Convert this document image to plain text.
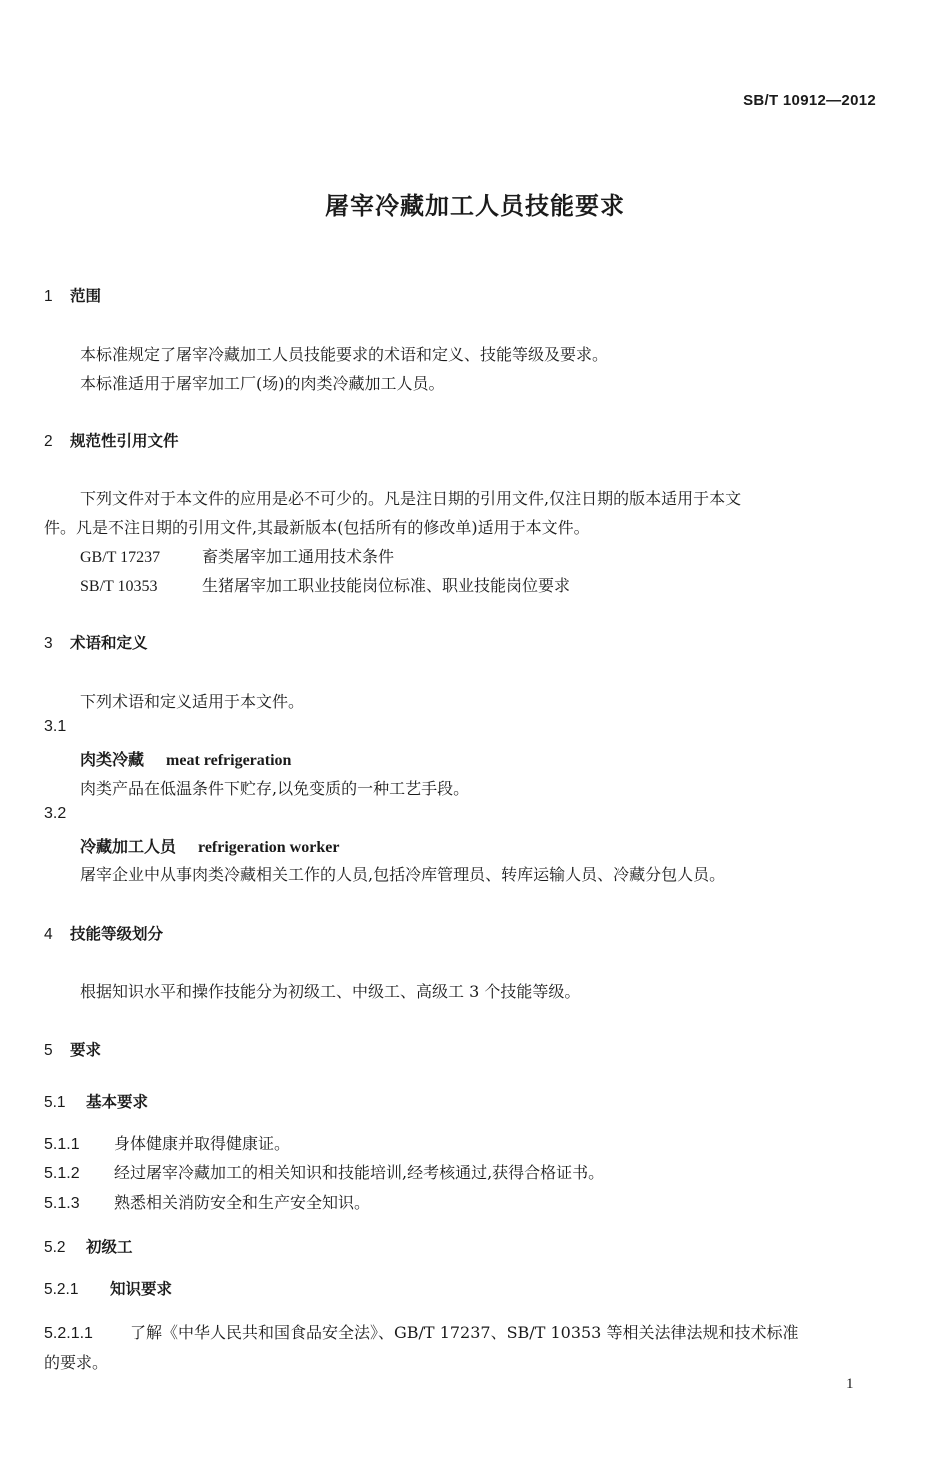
SB/T 10912—2012
屠宰冷藏加工人员技能要求
1 范围
本标准规定了屠宰冷藏加工人员技能要求的术语和定义、技能等级及要求。
本标准适用于屠宰加工厂(场)的肉类冷藏加工人员。
2 规范性引用文件
下列文件对于本文件的应用是必不可少的。凡是注日期的引用文件,仅注日期的版本适用于本文
件。凡是不注日期的引用文件,其最新版本(包括所有的修改单)适用于本文件。
GB/T 17237	畜类屠宰加工通用技术条件
SB/T 10353	生猪屠宰加工职业技能岗位标准、职业技能岗位要求
3 术语和定义
下列术语和定义适用于本文件。
3.1
肉类冷藏 meat refrigeration
肉类产品在低温条件下贮存,以免变质的一种工艺手段。
3.2
冷藏加工人员 refrigeration worker
屠宰企业中从事肉类冷藏相关工作的人员,包括冷库管理员、转库运输人员、冷藏分包人员。
4 技能等级划分
根据知识水平和操作技能分为初级工、中级工、高级工 3 个技能等级。
5 要求
5.1 基本要求
5.1.1 身体健康并取得健康证。
5.1.2 经过屠宰冷藏加工的相关知识和技能培训,经考核通过,获得合格证书。
5.1.3 熟悉相关消防安全和生产安全知识。
5.2 初级工
5.2.1 知识要求
5.2.1.1 了解《中华人民共和国食品安全法》、GB/T 17237、SB/T 10353 等相关法律法规和技术标准
的要求。
1
